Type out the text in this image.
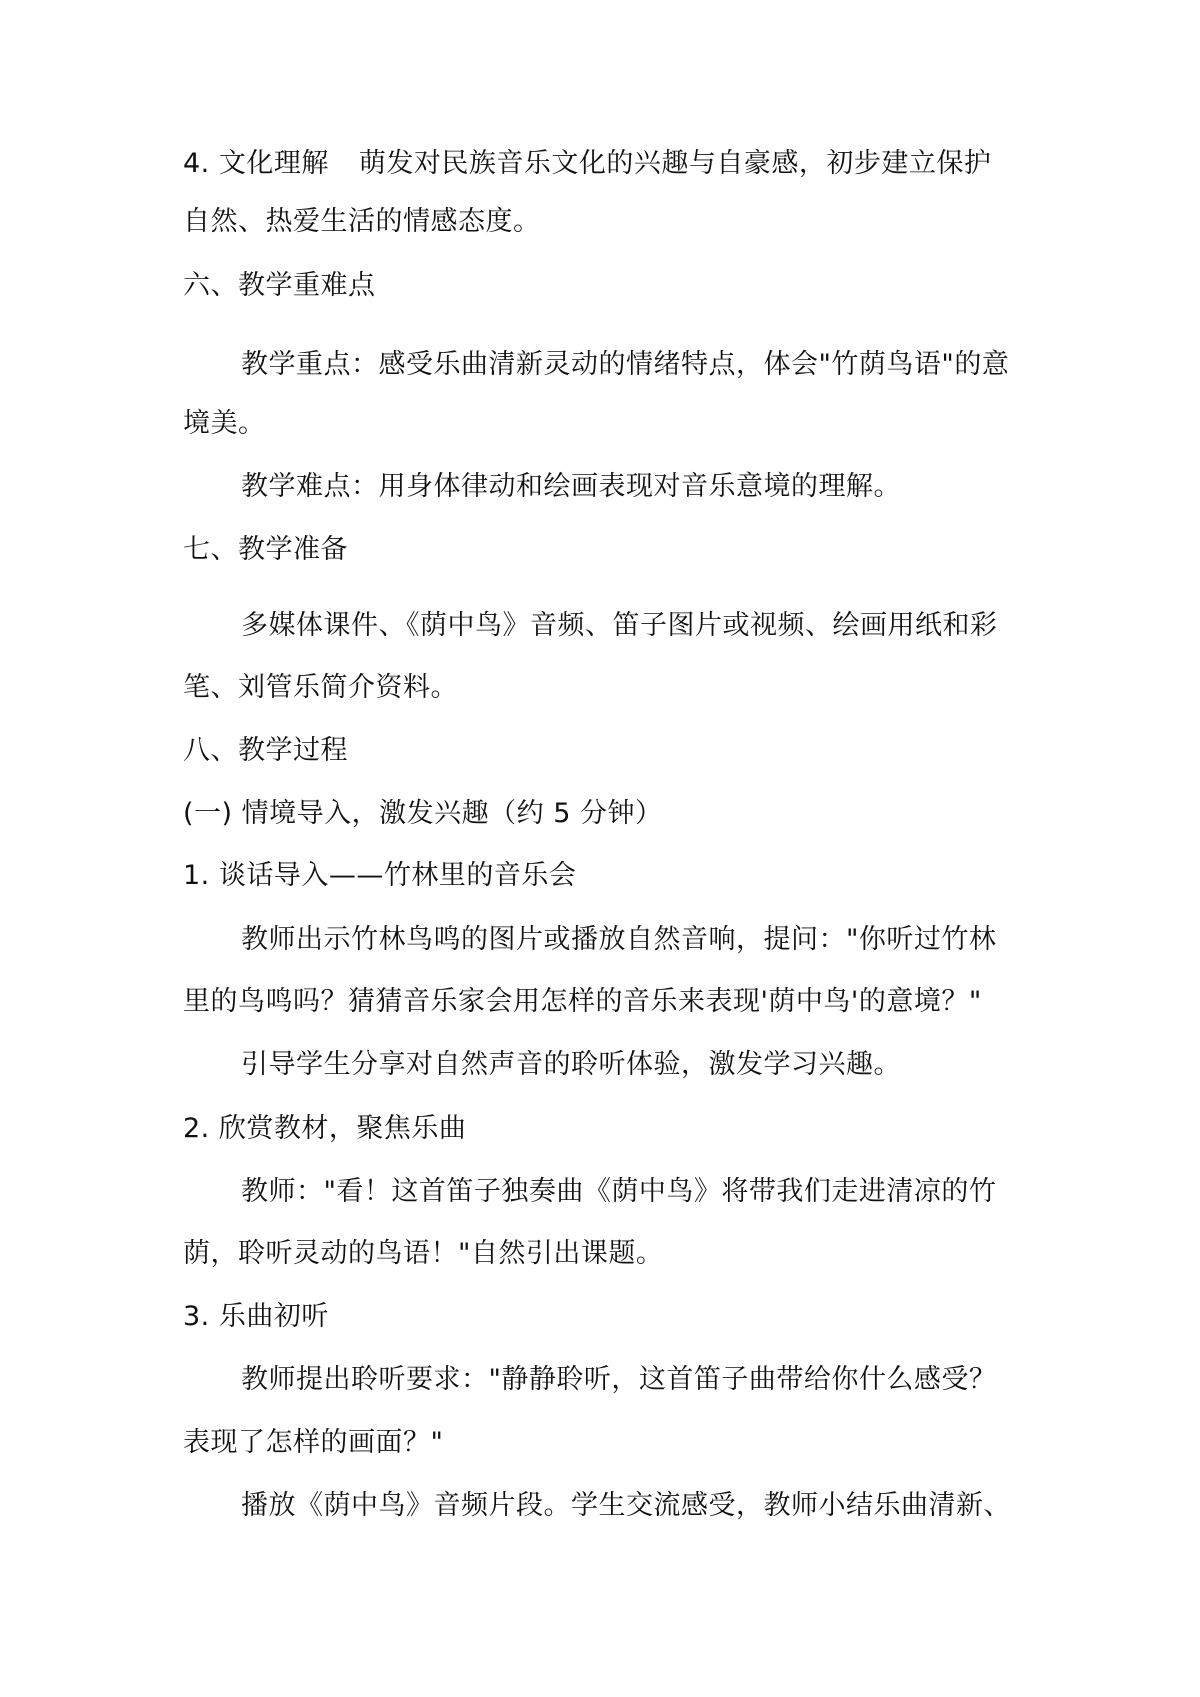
4. 文化理解 萌发对民族音乐文化的兴趣与自豪感，初步建立保护

自然、热爱生活的情感态度。

六、教学重难点

教学重点：感受乐曲清新灵动的情绪特点，体会"竹荫鸟语"的意

境美。

教学难点：用身体律动和绘画表现对音乐意境的理解。

七、教学准备

多媒体课件、《荫中鸟》音频、笛子图片或视频、绘画用纸和彩

笔、刘管乐简介资料。

八、教学过程

(一) 情境导入，激发兴趣（约 5 分钟）

1. 谈话导入——竹林里的音乐会

教师出示竹林鸟鸣的图片或播放自然音响，提问："你听过竹林

里的鸟鸣吗？猜猜音乐家会用怎样的音乐来表现'荫中鸟'的意境？"

引导学生分享对自然声音的聆听体验，激发学习兴趣。

2. 欣赏教材，聚焦乐曲

教师："看！这首笛子独奏曲《荫中鸟》将带我们走进清凉的竹

荫，聆听灵动的鸟语！"自然引出课题。

3. 乐曲初听

教师提出聆听要求："静静聆听，这首笛子曲带给你什么感受？

表现了怎样的画面？"

播放《荫中鸟》音频片段。学生交流感受，教师小结乐曲清新、
